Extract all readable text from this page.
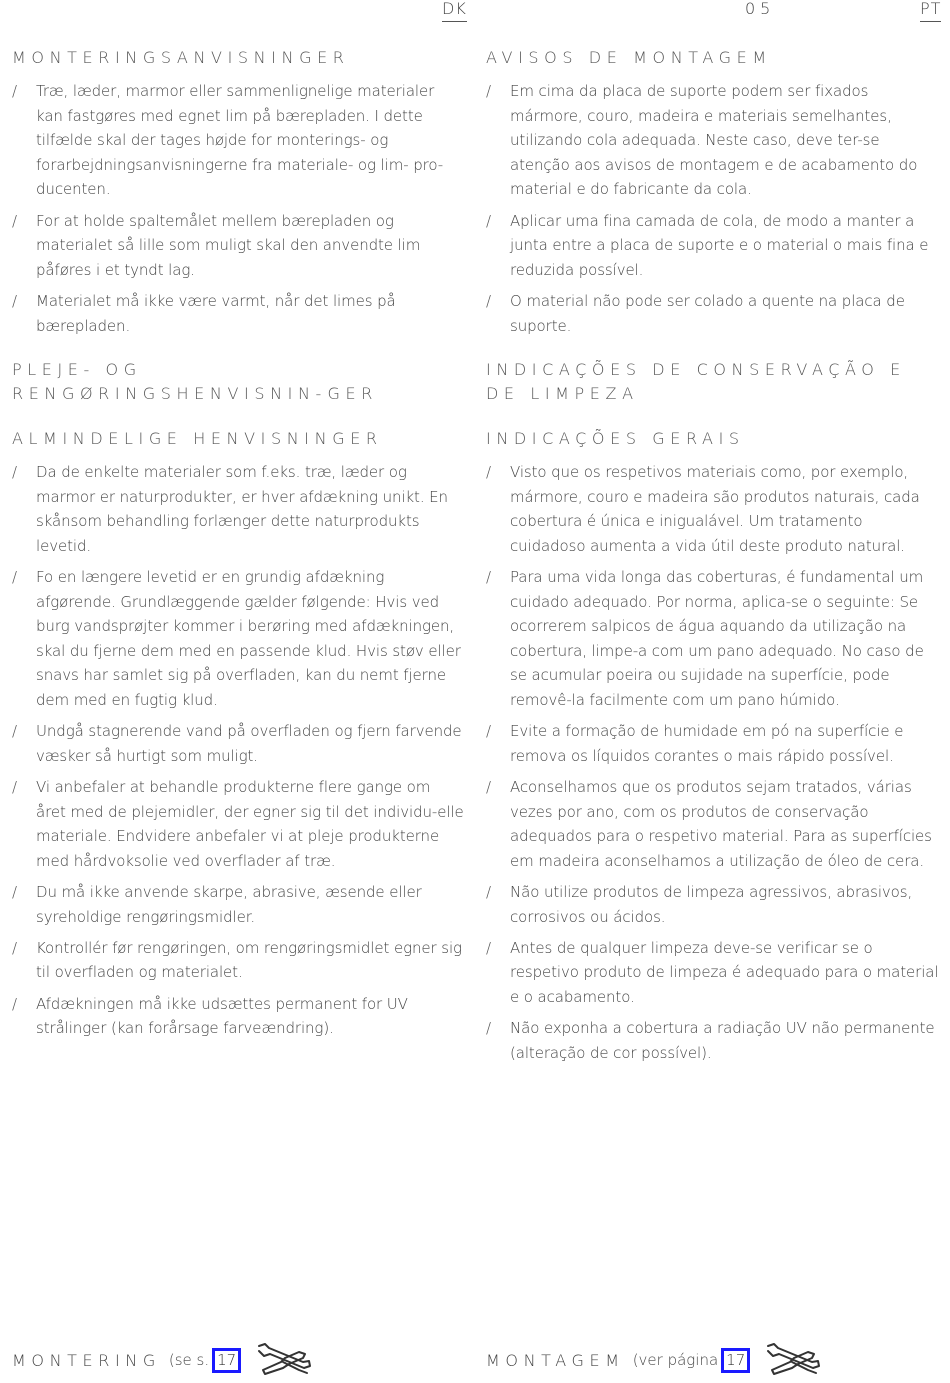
DK	05	PT
MONTERINGSANVISNINGER
/ Træ, læder, marmor eller sammenlignelige materialer kan fastgøres med egnet lim på bærepladen. I dette tilfælde skal der tages højde for monterings- og forarbejdningsanvisningerne fra materiale- og lim- pro-ducenten.
/ For at holde spaltemålet mellem bærepladen og materialet så lille som muligt skal den anvendte lim påføres i et tyndt lag.
/ Materialet må ikke være varmt, når det limes på bærepladen.
PLEJE- OG RENGØRINGSHENVISNIN-GER
ALMINDELIGE HENVISNINGER
/ Da de enkelte materialer som f.eks. træ, læder og marmor er naturprodukter, er hver afdækning unikt. En skånsom behandling forlænger dette naturprodukts levetid.
/ Fo en længere levetid er en grundig afdækning afgørende. Grundlæggende gælder følgende: Hvis ved burg vandsprøjter kommer i berøring med afdækningen, skal du fjerne dem med en passende klud. Hvis støv eller snavs har samlet sig på overfladen, kan du nemt fjerne dem med en fugtig klud.
/ Undgå stagnerende vand på overfladen og fjern farvende væsker så hurtigt som muligt.
/ Vi anbefaler at behandle produkterne flere gange om året med de plejemidler, der egner sig til det individu-elle materiale. Endvidere anbefaler vi at pleje produkterne med hårdvoksolie ved overflader af træ.
/ Du må ikke anvende skarpe, abrasive, æsende eller syreholdige rengøringsmidler.
/ Kontrollér før rengøringen, om rengøringsmidlet egner sig til overfladen og materialet.
/ Afdækningen må ikke udsættes permanent for UV strålinger (kan forårsage farveændring).
AVISOS DE MONTAGEM
/ Em cima da placa de suporte podem ser fixados mármore, couro, madeira e materiais semelhantes, utilizando cola adequada. Neste caso, deve ter-se atenção aos avisos de montagem e de acabamento do material e do fabricante da cola.
/ Aplicar uma fina camada de cola, de modo a manter a junta entre a placa de suporte e o material o mais fina e reduzida possível.
/ O material não pode ser colado a quente na placa de suporte.
INDICAÇÕES DE CONSERVAÇÃO E DE LIMPEZA
INDICAÇÕES GERAIS
/ Visto que os respetivos materiais como, por exemplo, mármore, couro e madeira são produtos naturais, cada cobertura é única e inigualável. Um tratamento cuidadoso aumenta a vida útil deste produto natural.
/ Para uma vida longa das coberturas, é fundamental um cuidado adequado. Por norma, aplica-se o seguinte: Se ocorrerem salpicos de água aquando da utilização na cobertura, limpe-a com um pano adequado. No caso de se acumular poeira ou sujidade na superfície, pode removê-la facilmente com um pano húmido.
/ Evite a formação de humidade em pó na superfície e remova os líquidos corantes o mais rápido possível.
/ Aconselhamos que os produtos sejam tratados, várias vezes por ano, com os produtos de conservação adequados para o respetivo material. Para as superfícies em madeira aconselhamos a utilização de óleo de cera.
/ Não utilize produtos de limpeza agressivos, abrasivos, corrosivos ou ácidos.
/ Antes de qualquer limpeza deve-se verificar se o respetivo produto de limpeza é adequado para o material e o acabamento.
/ Não exponha a cobertura a radiação UV não permanente (alteração de cor possível).
MONTERING (se s. 17	MONTAGEM (ver página 17
